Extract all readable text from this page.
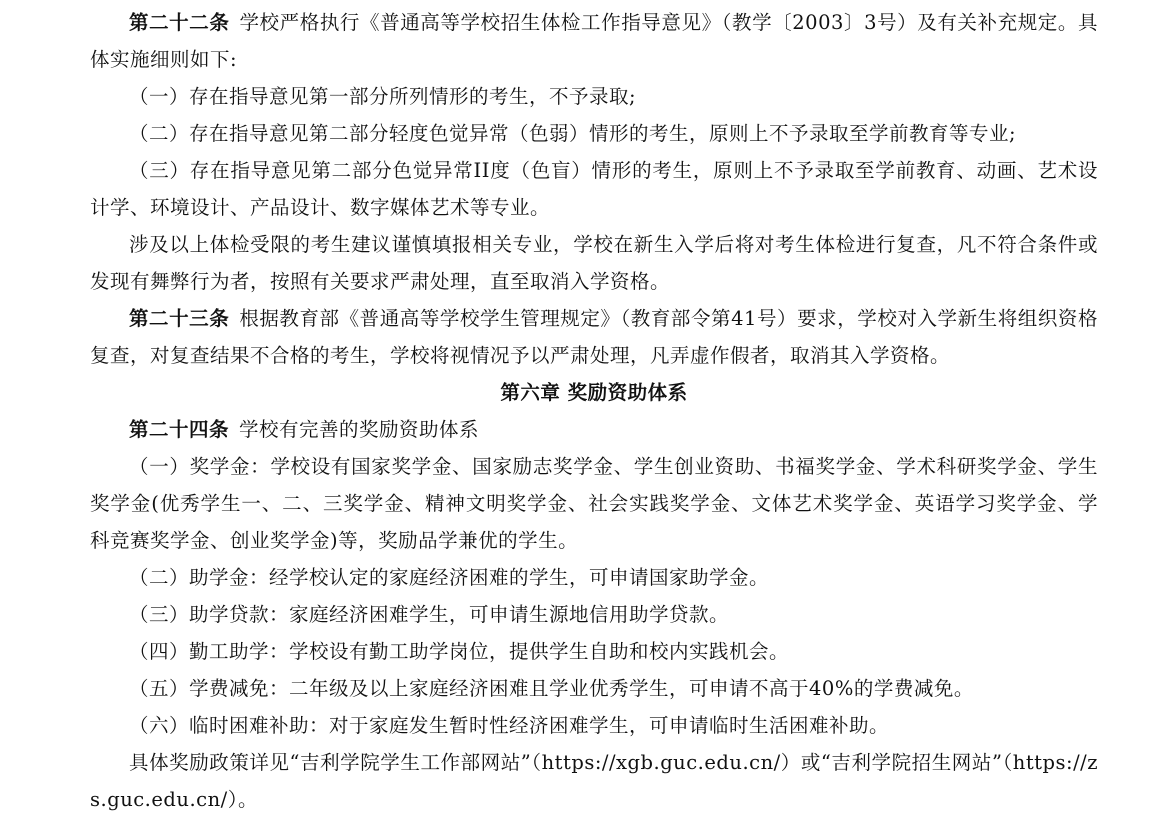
第二十二条 学校严格执行《普通高等学校招生体检工作指导意见》（教学〔2003〕3号）及有关补充规定。具体实施细则如下:

（一）存在指导意见第一部分所列情形的考生，不予录取;

（二）存在指导意见第二部分轻度色觉异常（色弱）情形的考生，原则上不予录取至学前教育等专业;

（三）存在指导意见第二部分色觉异常II度（色盲）情形的考生，原则上不予录取至学前教育、动画、艺术设计学、环境设计、产品设计、数字媒体艺术等专业。

涉及以上体检受限的考生建议谨慎填报相关专业，学校在新生入学后将对考生体检进行复查，凡不符合条件或发现有舞弊行为者，按照有关要求严肃处理，直至取消入学资格。

第二十三条 根据教育部《普通高等学校学生管理规定》（教育部令第41号）要求，学校对入学新生将组织资格复查，对复查结果不合格的考生，学校将视情况予以严肃处理，凡弄虚作假者，取消其入学资格。

第六章 奖励资助体系

第二十四条 学校有完善的奖励资助体系

（一）奖学金：学校设有国家奖学金、国家励志奖学金、学生创业资助、书福奖学金、学术科研奖学金、学生奖学金(优秀学生一、二、三奖学金、精神文明奖学金、社会实践奖学金、文体艺术奖学金、英语学习奖学金、学科竞赛奖学金、创业奖学金)等，奖励品学兼优的学生。

（二）助学金：经学校认定的家庭经济困难的学生，可申请国家助学金。

（三）助学贷款：家庭经济困难学生，可申请生源地信用助学贷款。

（四）勤工助学：学校设有勤工助学岗位，提供学生自助和校内实践机会。

（五）学费减免：二年级及以上家庭经济困难且学业优秀学生，可申请不高于40%的学费减免。

（六）临时困难补助：对于家庭发生暂时性经济困难学生，可申请临时生活困难补助。

具体奖励政策详见“吉利学院学生工作部网站”（https://xgb.guc.edu.cn/）或“吉利学院招生网站”（https://zs.guc.edu.cn/）。
